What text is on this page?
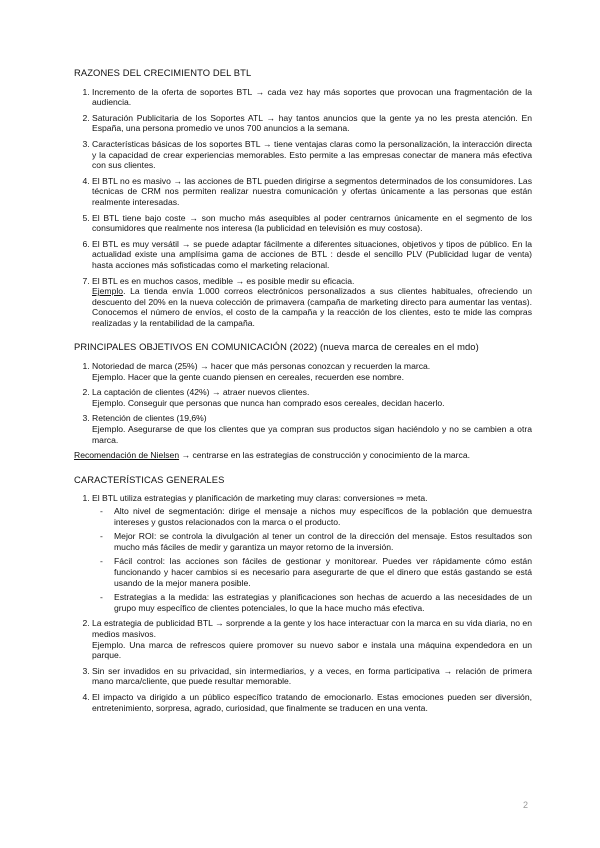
RAZONES DEL CRECIMIENTO DEL BTL
1. Incremento de la oferta de soportes BTL → cada vez hay más soportes que provocan una fragmentación de la audiencia.
2. Saturación Publicitaria de los Soportes ATL → hay tantos anuncios que la gente ya no les presta atención. En España, una persona promedio ve unos 700 anuncios a la semana.
3. Características básicas de los soportes BTL → tiene ventajas claras como la personalización, la interacción directa y la capacidad de crear experiencias memorables. Esto permite a las empresas conectar de manera más efectiva con sus clientes.
4. El BTL no es masivo → las acciones de BTL pueden dirigirse a segmentos determinados de los consumidores. Las técnicas de CRM nos permiten realizar nuestra comunicación y ofertas únicamente a las personas que están realmente interesadas.
5. El BTL tiene bajo coste → son mucho más asequibles al poder centrarnos únicamente en el segmento de los consumidores que realmente nos interesa (la publicidad en televisión es muy costosa).
6. El BTL es muy versátil → se puede adaptar fácilmente a diferentes situaciones, objetivos y tipos de público. En la actualidad existe una amplísima gama de acciones de BTL : desde el sencillo PLV (Publicidad lugar de venta) hasta acciones más sofisticadas como el marketing relacional.
7. El BTL es en muchos casos, medible → es posible medir su eficacia.
Ejemplo. La tienda envía 1.000 correos electrónicos personalizados a sus clientes habituales, ofreciendo un descuento del 20% en la nueva colección de primavera (campaña de marketing directo para aumentar las ventas). Conocemos el número de envíos, el costo de la campaña y la reacción de los clientes, esto te mide las compras realizadas y la rentabilidad de la campaña.
PRINCIPALES OBJETIVOS EN COMUNICACIÓN (2022) (nueva marca de cereales en el mdo)
1. Notoriedad de marca (25%) → hacer que más personas conozcan y recuerden la marca.
Ejemplo. Hacer que la gente cuando piensen en cereales, recuerden ese nombre.
2. La captación de clientes (42%) → atraer nuevos clientes.
Ejemplo. Conseguir que personas que nunca han comprado esos cereales, decidan hacerlo.
3. Retención de clientes (19,6%)
Ejemplo. Asegurarse de que los clientes que ya compran sus productos sigan haciéndolo y no se cambien a otra marca.
Recomendación de Nielsen → centrarse en las estrategias de construcción y conocimiento de la marca.
CARACTERÍSTICAS GENERALES
1. El BTL utiliza estrategias y planificación de marketing muy claras: conversiones ⇒ meta.
- Alto nivel de segmentación: dirige el mensaje a nichos muy específicos de la población que demuestra intereses y gustos relacionados con la marca o el producto.
- Mejor ROI: se controla la divulgación al tener un control de la dirección del mensaje. Estos resultados son mucho más fáciles de medir y garantiza un mayor retorno de la inversión.
- Fácil control: las acciones son fáciles de gestionar y monitorear. Puedes ver rápidamente cómo están funcionando y hacer cambios si es necesario para asegurarte de que el dinero que estás gastando se está usando de la mejor manera posible.
- Estrategias a la medida: las estrategias y planificaciones son hechas de acuerdo a las necesidades de un grupo muy específico de clientes potenciales, lo que la hace mucho más efectiva.
2. La estrategia de publicidad BTL → sorprende a la gente y los hace interactuar con la marca en su vida diaria, no en medios masivos.
Ejemplo. Una marca de refrescos quiere promover su nuevo sabor e instala una máquina expendedora en un parque.
3. Sin ser invadidos en su privacidad, sin intermediarios, y a veces, en forma participativa → relación de primera mano marca/cliente, que puede resultar memorable.
4. El impacto va dirigido a un público específico tratando de emocionarlo. Estas emociones pueden ser diversión, entretenimiento, sorpresa, agrado, curiosidad, que finalmente se traducen en una venta.
2
